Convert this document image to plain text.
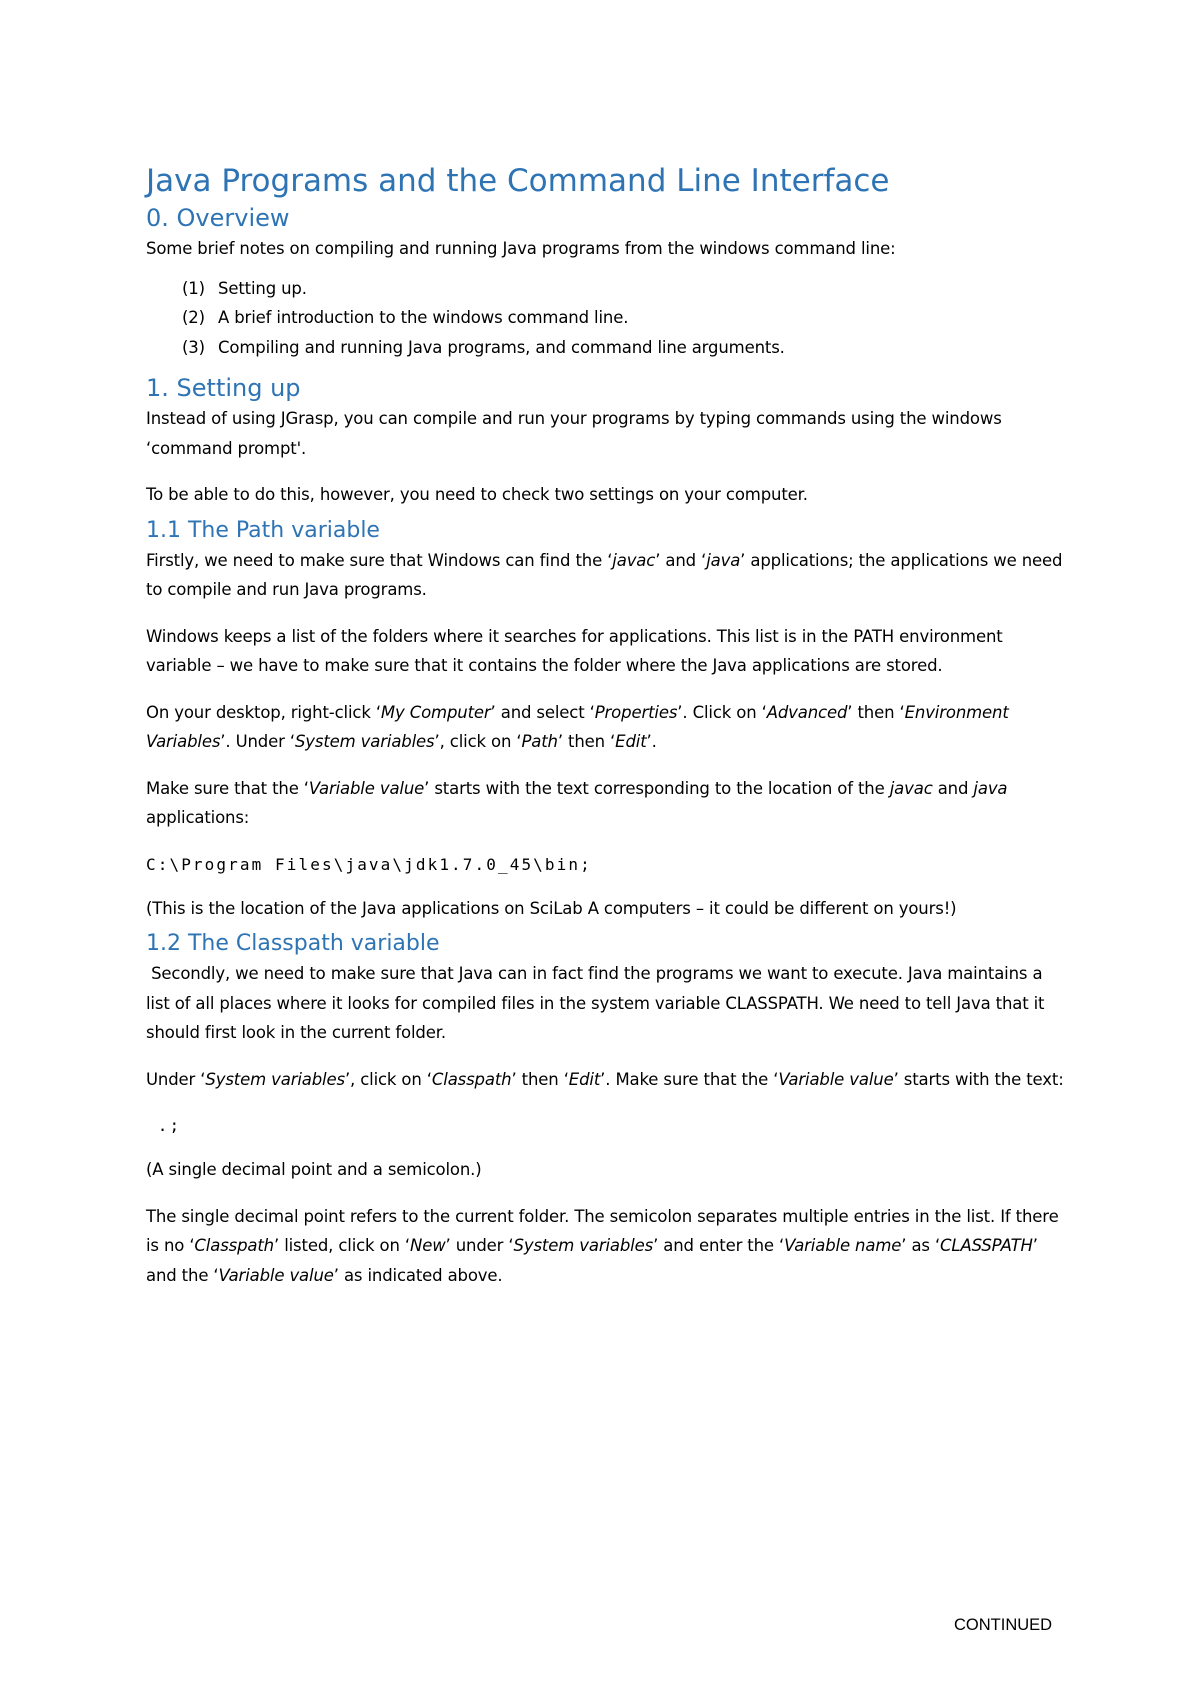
Java Programs and the Command Line Interface
0. Overview

Some brief notes on compiling and running Java programs from the windows command line:

(1) Setting up.
(2) A brief introduction to the windows command line.
(3) Compiling and running Java programs, and command line arguments.
1. Setting up

Instead of using JGrasp, you can compile and run your programs by typing commands using the windows ‘command prompt'.

To be able to do this, however, you need to check two settings on your computer.

1.1 The Path variable

Firstly, we need to make sure that Windows can find the ‘javac’ and ‘java’ applications; the applications we need to compile and run Java programs.

Windows keeps a list of the folders where it searches for applications. This list is in the PATH environment variable – we have to make sure that it contains the folder where the Java applications are stored.

On your desktop, right-click ‘My Computer’ and select ‘Properties’. Click on ‘Advanced’ then ‘Environment Variables’. Under ‘System variables’, click on ‘Path’ then ‘Edit’.

Make sure that the ‘Variable value’ starts with the text corresponding to the location of the javac and java applications:

C:\Program Files\java\jdk1.7.0_45\bin;

(This is the location of the Java applications on SciLab A computers – it could be different on yours!)

1.2 The Classpath variable

Secondly, we need to make sure that Java can in fact find the programs we want to execute. Java maintains a list of all places where it looks for compiled files in the system variable CLASSPATH. We need to tell Java that it should first look in the current folder.

Under ‘System variables’, click on ‘Classpath’ then ‘Edit’. Make sure that the ‘Variable value’ starts with the text:

.;

(A single decimal point and a semicolon.)

The single decimal point refers to the current folder. The semicolon separates multiple entries in the list. If there is no ‘Classpath’ listed, click on ‘New’ under ‘System variables’ and enter the ‘Variable name’ as ‘CLASSPATH’ and the ‘Variable value’ as indicated above.

CONTINUED
